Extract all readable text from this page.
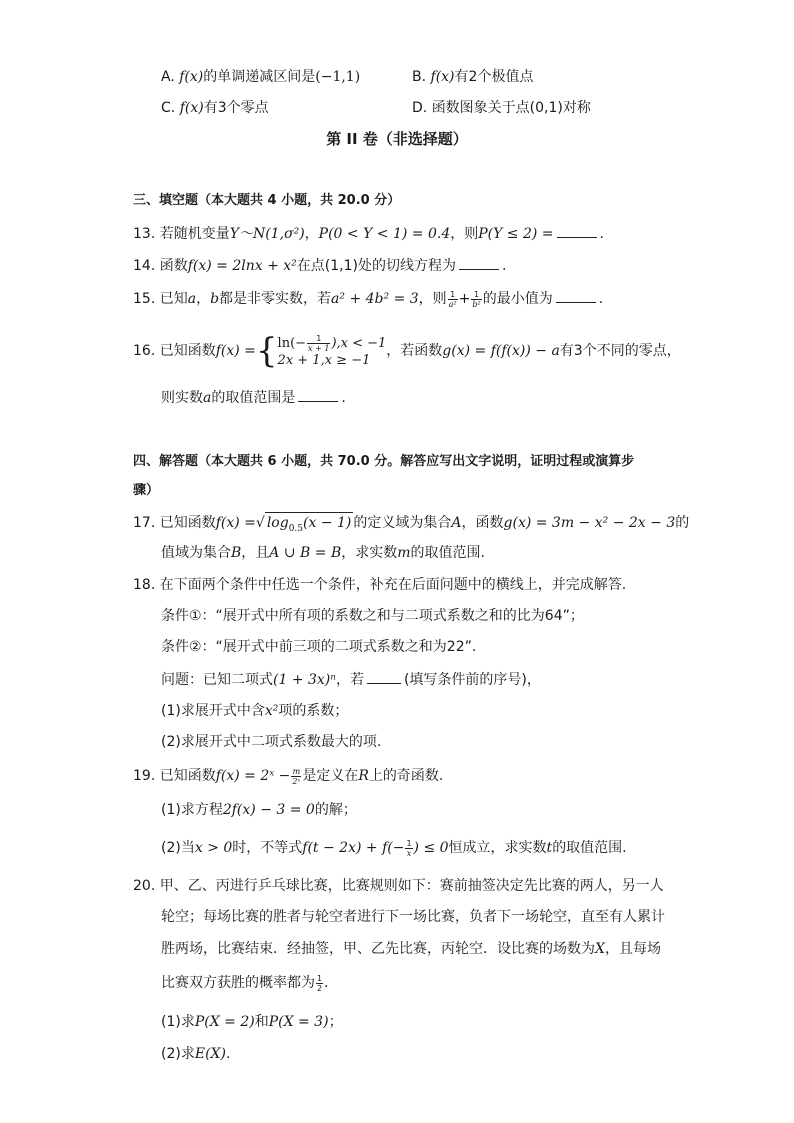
A. f(x)的单调递减区间是(−1,1)	B. f(x)有2个极值点
C. f(x)有3个零点	D. 函数图象关于点(0,1)对称
第 II 卷（非选择题）
三、填空题（本大题共 4 小题，共 20.0 分）
13. 若随机变量Y～N(1,σ²)，P(0 < Y < 1) = 0.4，则P(Y ≤ 2) =	.
14. 函数f(x) = 2lnx + x²在点(1,1)处的切线方程为	.
15. 已知a，b都是非零实数，若a² + 4b² = 3，则 $\frac{1}{\text{a²}} + \frac{1}{\text{b²}}$ 的最小值为	.
16. 已知函数f(x) ={ $\ln(- \frac{1}{x + 1} ),x < -1$
2x + 1,x ≥ −1
，若函数g(x) = f(f(x)) − a有3个不同的零点，
则实数a的取值范围是	.
四、解答题（本大题共 6 小题，共 70.0 分。解答应写出文字说明，证明过程或演算步
骤）
17. 已知函数f(x) =√ $\log_{0.5}(x - 1)$ 的定义域为集合A，函数g(x) = 3m − x² − 2x − 3的
值域为集合B，且A ∪ B = B，求实数m的取值范围.
18. 在下面两个条件中任选一个条件，补充在后面问题中的横线上，并完成解答.
条件①：“展开式中所有项的系数之和与二项式系数之和的比为64”；
条件②：“展开式中前三项的二项式系数之和为22”.
问题：已知二项式(1 + 3x)ⁿ，若	(填写条件前的序号)，
(1)求展开式中含x²项的系数；
(2)求展开式中二项式系数最大的项.
19. 已知函数f(x) = 2ˣ − $\frac{m}{\text{2ˣ}}$ 是定义在R上的奇函数.
(1)求方程2f(x) − 3 = 0的解；
(2)当x > 0时，不等式$f(t - 2x) + f(- \frac{1}{x}$ ) ≤ 0恒成立，求实数t的取值范围.
20. 甲、乙、丙进行乒乓球比赛，比赛规则如下：赛前抽签决定先比赛的两人，另一人
轮空；每场比赛的胜者与轮空者进行下一场比赛，负者下一场轮空，直至有人累计
胜两场，比赛结束．经抽签，甲、乙先比赛，丙轮空．设比赛的场数为X，且每场
比赛双方获胜的概率都为 $\frac{1}{2}$ .
(1)求P(X = 2)和P(X = 3)；
(2)求E(X).
